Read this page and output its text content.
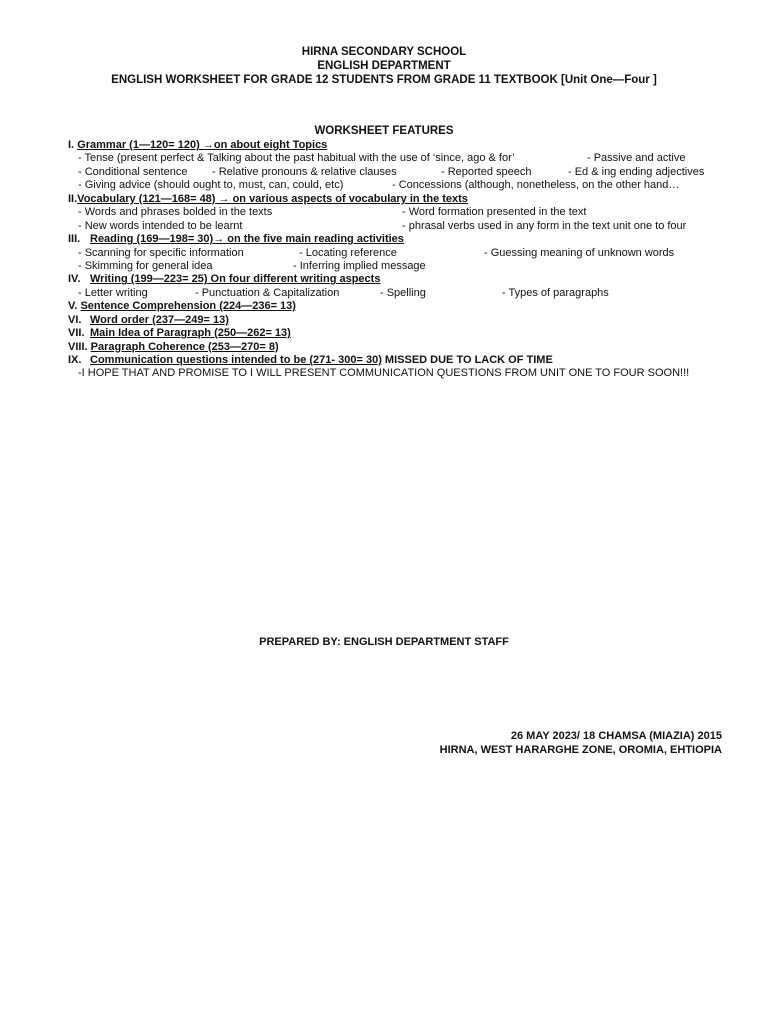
HIRNA SECONDARY SCHOOL
ENGLISH DEPARTMENT
ENGLISH WORKSHEET FOR GRADE 12 STUDENTS FROM GRADE 11 TEXTBOOK [Unit One—Four ]
WORKSHEET FEATURES
I. Grammar (1—120= 120) →on about eight Topics
- Tense (present perfect & Talking about the past habitual with the use of ‘since, ago & for’	- Passive and active
- Conditional sentence - Relative pronouns & relative clauses	- Reported speech	- Ed & ing ending adjectives
- Giving advice (should ought to, must, can, could, etc)	- Concessions (although, nonetheless, on the other hand…
II.Vocabulary (121—168= 48) → on various aspects of vocabulary in the texts
- Words and phrases bolded in the texts	- Word formation presented in the text
- New words intended to be learnt	- phrasal verbs used in any form in the text unit one to four
III. Reading (169—198= 30)→ on the five main reading activities
- Scanning for specific information	- Locating reference	- Guessing meaning of unknown words
- Skimming for general idea	- Inferring implied message
IV. Writing (199—223= 25) On four different writing aspects
- Letter writing	- Punctuation & Capitalization	- Spelling	- Types of paragraphs
V. Sentence Comprehension (224—236= 13)
VI. Word order (237—249= 13)
VII. Main Idea of Paragraph (250—262= 13)
VIII. Paragraph Coherence (253—270= 8)
IX. Communication questions intended to be (271- 300= 30) MISSED DUE TO LACK OF TIME
-I HOPE THAT AND PROMISE TO I WILL PRESENT COMMUNICATION QUESTIONS FROM UNIT ONE TO FOUR SOON!!!
PREPARED BY: ENGLISH DEPARTMENT STAFF
26 MAY 2023/ 18 CHAMSA (MIAZIA) 2015
HIRNA, WEST HARARGHE ZONE, OROMIA, EHTIOPIA
